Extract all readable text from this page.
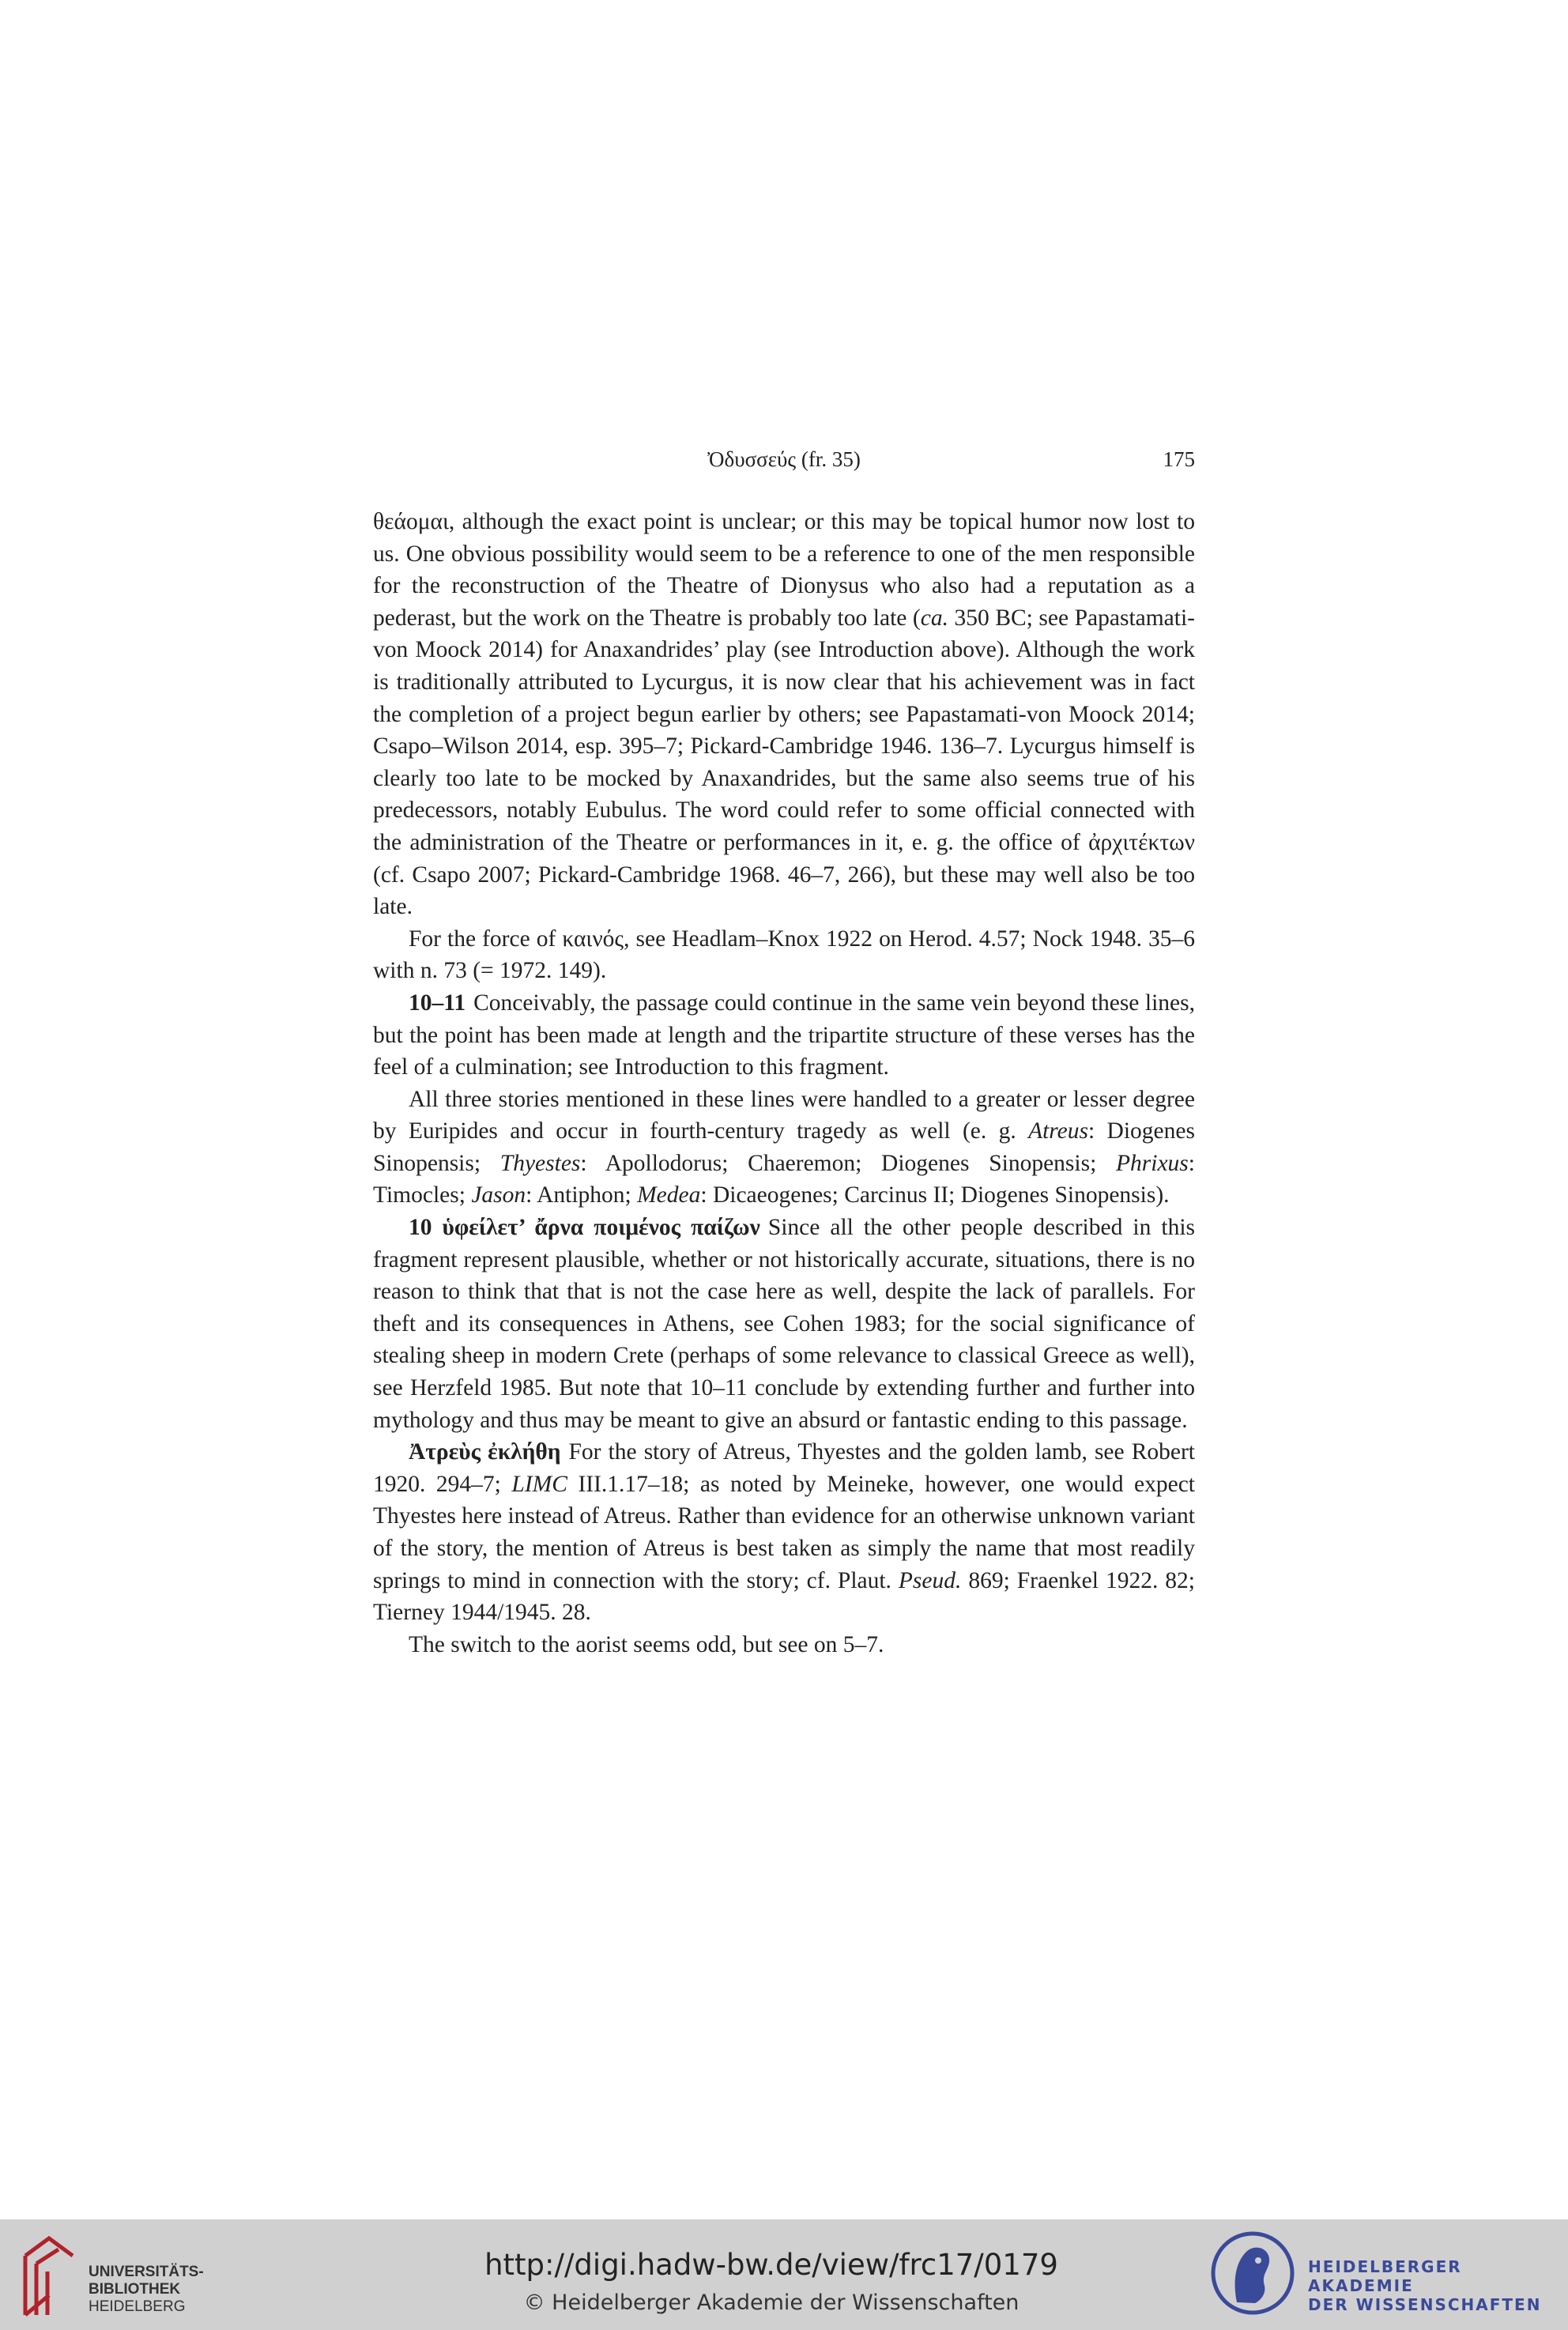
Ὀδυσσεύς (fr. 35)	175

θεάομαι, although the exact point is unclear; or this may be topical humor now lost to us. One obvious possibility would seem to be a reference to one of the men responsible for the reconstruction of the Theatre of Dionysus who also had a reputation as a pederast, but the work on the Theatre is probably too late (ca. 350 BC; see Papastamati-von Moock 2014) for Anaxandrides’ play (see Introduction above). Although the work is traditionally attributed to Lycurgus, it is now clear that his achievement was in fact the completion of a project begun earlier by others; see Papastamati-von Moock 2014; Csapo–Wilson 2014, esp. 395–7; Pickard-Cambridge 1946. 136–7. Lycurgus himself is clearly too late to be mocked by Anaxandrides, but the same also seems true of his predecessors, notably Eubulus. The word could refer to some official connected with the administration of the Theatre or performances in it, e. g. the office of ἀρχιτέκτων (cf. Csapo 2007; Pickard-Cambridge 1968. 46–7, 266), but these may well also be too late.

For the force of καινός, see Headlam–Knox 1922 on Herod. 4.57; Nock 1948. 35–6 with n. 73 (= 1972. 149).

10–11 Conceivably, the passage could continue in the same vein beyond these lines, but the point has been made at length and the tripartite structure of these verses has the feel of a culmination; see Introduction to this fragment.

All three stories mentioned in these lines were handled to a greater or lesser degree by Euripides and occur in fourth-century tragedy as well (e. g. Atreus: Diogenes Sinopensis; Thyestes: Apollodorus; Chaeremon; Diogenes Sinopensis; Phrixus: Timocles; Jason: Antiphon; Medea: Dicaeogenes; Carcinus II; Diogenes Sinopensis).

10 ὑφείλετ’ ἄρνα ποιμένος παίζων Since all the other people described in this fragment represent plausible, whether or not historically accurate, situations, there is no reason to think that that is not the case here as well, despite the lack of parallels. For theft and its consequences in Athens, see Cohen 1983; for the social significance of stealing sheep in modern Crete (perhaps of some relevance to classical Greece as well), see Herzfeld 1985. But note that 10–11 conclude by extending further and further into mythology and thus may be meant to give an absurd or fantastic ending to this passage.

Ἀτρεὺς ἐκλήθη For the story of Atreus, Thyestes and the golden lamb, see Robert 1920. 294–7; LIMC III.1.17–18; as noted by Meineke, however, one would expect Thyestes here instead of Atreus. Rather than evidence for an otherwise unknown variant of the story, the mention of Atreus is best taken as simply the name that most readily springs to mind in connection with the story; cf. Plaut. Pseud. 869; Fraenkel 1922. 82; Tierney 1944/1945. 28.

The switch to the aorist seems odd, but see on 5–7.

UNIVERSITÄTS-
BIBLIOTHEK
HEIDELBERG
http://digi.hadw-bw.de/view/frc17/0179
© Heidelberger Akademie der Wissenschaften
HEIDELBERGER AKADEMIE
DER WISSENSCHAFTEN
